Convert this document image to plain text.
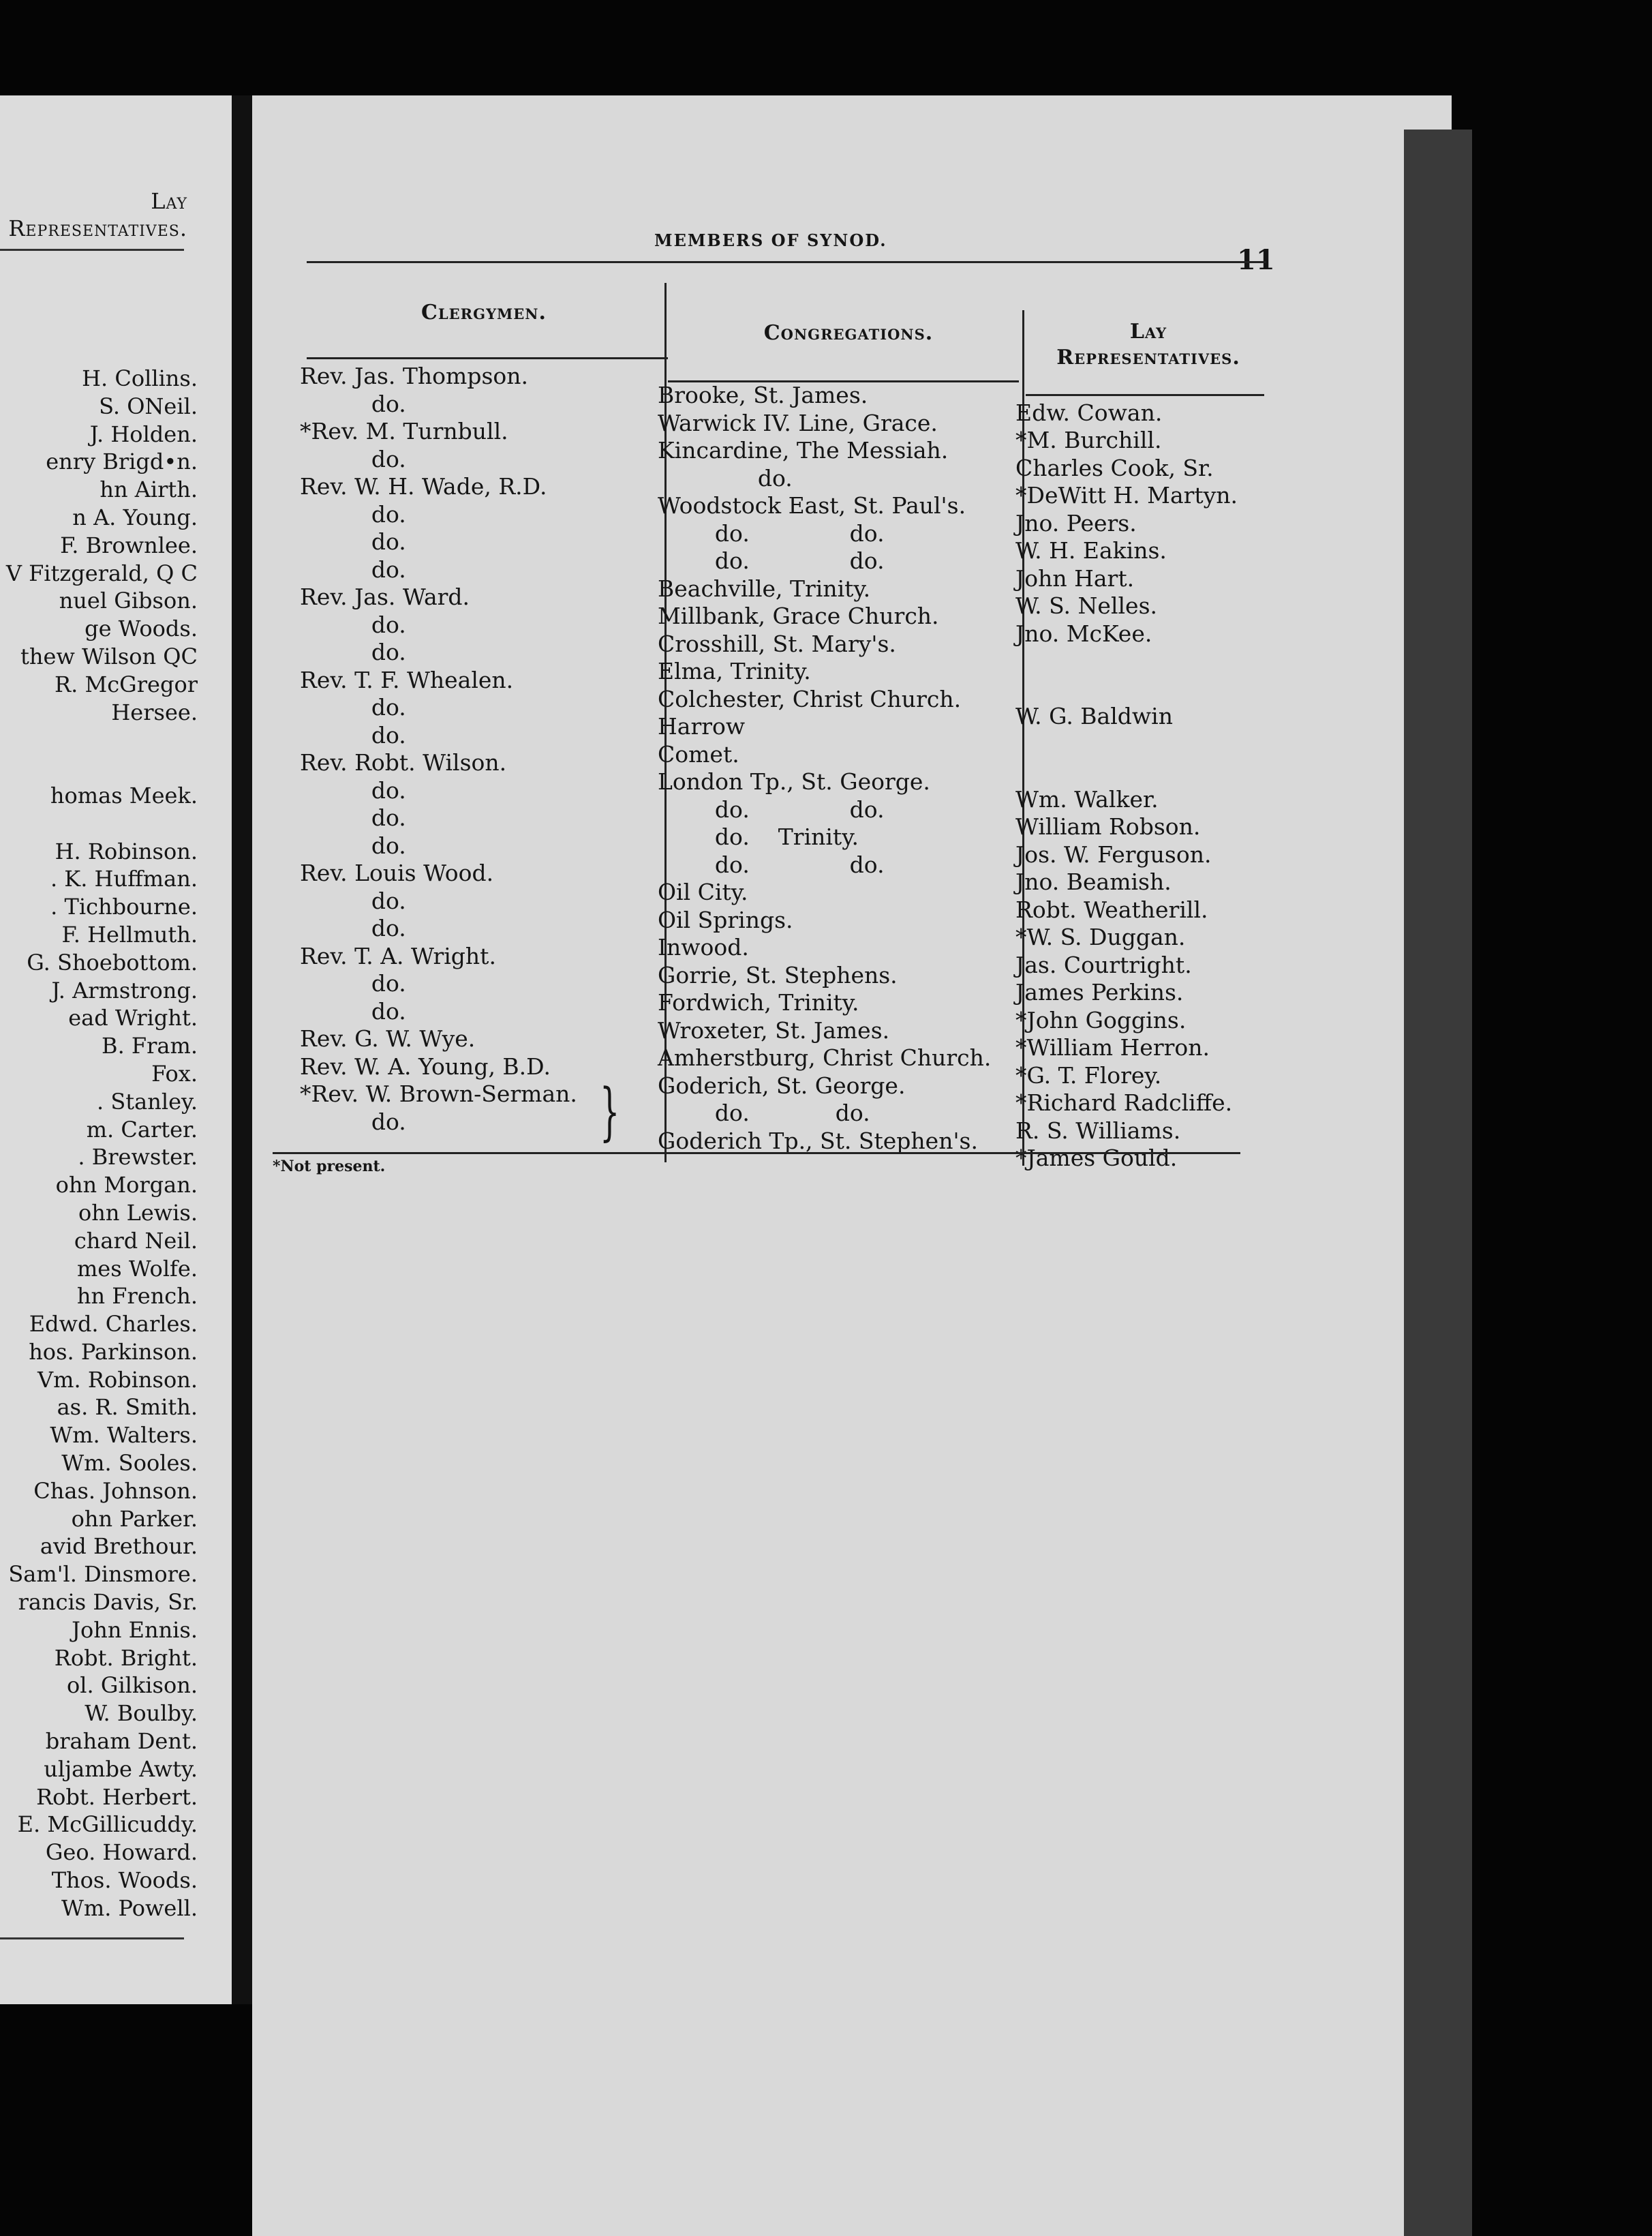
Lay
Representatives.
H. Collins.
S. ONeil.
J. Holden.
enry Brigd•n.
hn Airth.
n A. Young.
F. Brownlee.
V Fitzgerald, Q C
nuel Gibson.
ge Woods.
thew Wilson QC
R. McGregor
Hersee.
homas Meek.
H. Robinson.
. K. Huffman.
. Tichbourne.
F. Hellmuth.
G. Shoebottom.
J. Armstrong.
ead Wright.
B. Fram.
Fox.
. Stanley.
m. Carter.
. Brewster.
ohn Morgan.
ohn Lewis.
chard Neil.
mes Wolfe.
hn French.
Edwd. Charles.
hos. Parkinson.
Vm. Robinson.
as. R. Smith.
Wm. Walters.
Wm. Sooles.
Chas. Johnson.
ohn Parker.
avid Brethour.
Sam'l. Dinsmore.
rancis Davis, Sr.
John Ennis.
Robt. Bright.
ol. Gilkison.
W. Boulby.
braham Dent.
uljambe Awty.
Robt. Herbert.
E. McGillicuddy.
Geo. Howard.
Thos. Woods.
Wm. Powell.
MEMBERS OF SYNOD.
11
Clergymen.
Congregations.	Lay
Representatives.
Rev. Jas. Thompson.
do.
*Rev. M. Turnbull.
do.
Rev. W. H. Wade, R.D.
do.
do.
do.
Rev. Jas. Ward.
do.
do.
Rev. T. F. Whealen.
do.
do.
Rev. Robt. Wilson.
do.
do.
do.
Rev. Louis Wood.
do.
do.
Rev. T. A. Wright.
do.
do.
Rev. G. W. Wye.
Rev. W. A. Young, B.D.
*Rev. W. Brown-Serman.
do.
Brooke, St. James.
Warwick IV. Line, Grace.
Kincardine, The Messiah.
do.
Woodstock East, St. Paul's.
do.              do.
do.              do.
Beachville, Trinity.
Millbank, Grace Church.
Crosshill, St. Mary's.
Elma, Trinity.
Colchester, Christ Church.
Harrow
Comet.
London Tp., St. George.
do.              do.
do.    Trinity.
do.              do.
Oil City.
Oil Springs.
Inwood.
Gorrie, St. Stephens.
Fordwich, Trinity.
Wroxeter, St. James.
Amherstburg, Christ Church.
Goderich, St. George.
do.            do.
Goderich Tp., St. Stephen's.
Edw. Cowan.
*M. Burchill.
Charles Cook, Sr.
*DeWitt H. Martyn.
Jno. Peers.
W. H. Eakins.
John Hart.
W. S. Nelles.
Jno. McKee.
W. G. Baldwin
Wm. Walker.
William Robson.
Jos. W. Ferguson.
Jno. Beamish.
Robt. Weatherill.
*W. S. Duggan.
Jas. Courtright.
James Perkins.
*John Goggins.
*William Herron.
*G. T. Florey.
*Richard Radcliffe.
R. S. Williams.
*James Gould.
}
*Not present.
